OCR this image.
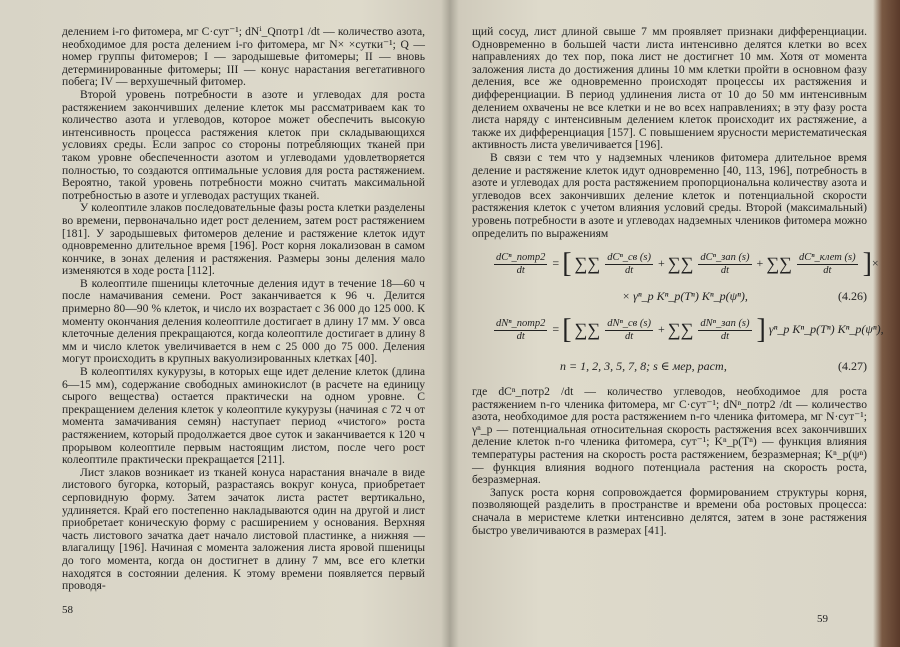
делением i-го фитомера, мг С·сут⁻¹; dNⁱ_Qпотр1 /dt — количество азота, необходимое для роста делением i-го фитомера, мг N× ×сутки⁻¹; Q — номер группы фитомеров; I — зародышевые фитомеры; II — вновь детерминированные фитомеры; III — конус нарастания вегетативного побега; IV — верхушечный фитомер.

Второй уровень потребности в азоте и углеводах для роста растяжением закончивших деление клеток мы рассматриваем как то количество азота и углеводов, которое может обеспечить высокую интенсивность процесса растяжения клеток при складывающихся условиях среды. Если запрос со стороны потребляющих тканей при таком уровне обеспеченности азотом и углеводами удовлетворяется полностью, то создаются оптимальные условия для роста растяжением. Вероятно, такой уровень потребности можно считать максимальной потребностью в азоте и углеводах растущих тканей.

У колеоптиле злаков последовательные фазы роста клетки разделены во времени, первоначально идет рост делением, затем рост растяжением [181]. У зародышевых фитомеров деление и растяжение клеток идут одновременно длительное время [196]. Рост корня локализован в самом кончике, в зонах деления и растяжения. Размеры зоны деления мало изменяются в ходе роста [112].

В колеоптиле пшеницы клеточные деления идут в течение 18—60 ч после намачивания семени. Рост заканчивается к 96 ч. Делится примерно 80—90 % клеток, и число их возрастает с 36 000 до 125 000. К моменту окончания деления колеоптиле достигает в длину 17 мм. У овса клеточные деления прекращаются, когда колеоптиле достигает в длину 8 мм и число клеток увеличивается в нем с 25 000 до 75 000. Деления могут происходить в крупных вакуолизированных клетках [40].

В колеоптилях кукурузы, в которых еще идет деление клеток (длина 6—15 мм), содержание свободных аминокислот (в расчете на единицу сырого вещества) остается практически на одном уровне. С прекращением деления клеток у колеоптиле кукурузы (начиная с 72 ч от момента замачивания семян) наступает период «чистого» роста растяжением, который продолжается двое суток и заканчивается к 120 ч прорывом колеоптиле первым настоящим листом, после чего рост колеоптиле практически прекращается [211].

Лист злаков возникает из тканей конуса нарастания вначале в виде листового бугорка, который, разрастаясь вокруг конуса, приобретает серповидную форму. Затем зачаток листа растет вертикально, удлиняется. Край его постепенно накладываются один на другой и лист приобретает коническую форму с расширением у основания. Верхняя часть листового зачатка дает начало листовой пластинке, а нижняя — влагалищу [196]. Начиная с момента заложения листа яровой пшеницы до того момента, когда он достигнет в длину 7 мм, все его клетки находятся в состоянии деления. К этому времени появляется первый проводя-

58

щий сосуд, лист длиной свыше 7 мм проявляет признаки дифференциации. Одновременно в большей части листа интенсивно делятся клетки во всех направлениях до тех пор, пока лист не достигнет 10 мм. Хотя от момента заложения листа до достижения длины 10 мм клетки пройти в основном фазу деления, все же одновременно происходят процессы их растяжения и дифференциации. В период удлинения листа от 10 до 50 мм интенсивным делением охвачены не все клетки и не во всех направлениях; в эту фазу роста листа наряду с интенсивным делением клеток происходит их растяжение, а также их дифференциация [157]. С повышением ярусности меристематическая активность листа увеличивается [196].

В связи с тем что у надземных члеников фитомера длительное время деление и растяжение клеток идут одновременно [40, 113, 196], потребность в азоте и углеводах для роста растяжением пропорциональна количеству азота и углеводов всех закончивших деление клеток и потенциальной скорости растяжения клеток с учетом влияния условий среды. Второй (максимальный) уровень потребности в азоте и углеводах надземных члеников фитомера можно определить по выражениям

$\frac{\text{dCⁿ\_потр2}}{dt}$ = [ ∑∑ $\frac{\text{dCⁿ\_св (s)}}{dt}$ + ∑∑ $\frac{\text{dCⁿ\_зап (s)}}{dt}$ + ∑∑ $\frac{\text{dCⁿ\_клет (s)}}{dt}$ ]×
× γⁿ_p Kⁿ_p(Tⁿ) Kⁿ_p(ψⁿ),	(4.26)
$\frac{\text{dNⁿ\_потр2}}{dt}$ = [ ∑∑ $\frac{\text{dNⁿ\_св (s)}}{dt}$ + ∑∑ $\frac{\text{dNⁿ\_зап (s)}}{dt}$ ] γⁿ_p Kⁿ_p(Tⁿ) Kⁿ_p(ψⁿ),
n = 1, 2, 3, 5, 7, 8; s ∈ мер, раст,	(4.27)

где dCⁿ_потр2 /dt — количество углеводов, необходимое для роста растяжением n-го членика фитомера, мг С·сут⁻¹; dNⁿ_потр2 /dt — количество азота, необходимое для роста растяжением n-го членика фитомера, мг N·сут⁻¹; γⁿ_p — потенциальная относительная скорость растяжения всех закончивших деление клеток n-го членика фитомера, сут⁻¹; Kⁿ_p(Tⁿ) — функция влияния температуры растения на скорость роста растяжением, безразмерная; Kⁿ_p(ψⁿ) — функция влияния водного потенциала растения на скорость роста, безразмерная.

Запуск роста корня сопровождается формированием структуры корня, позволяющей разделить в пространстве и времени оба ростовых процесса: сначала в меристеме клетки интенсивно делятся, затем в зоне растяжения быстро увеличиваются в размерах [41].

59
